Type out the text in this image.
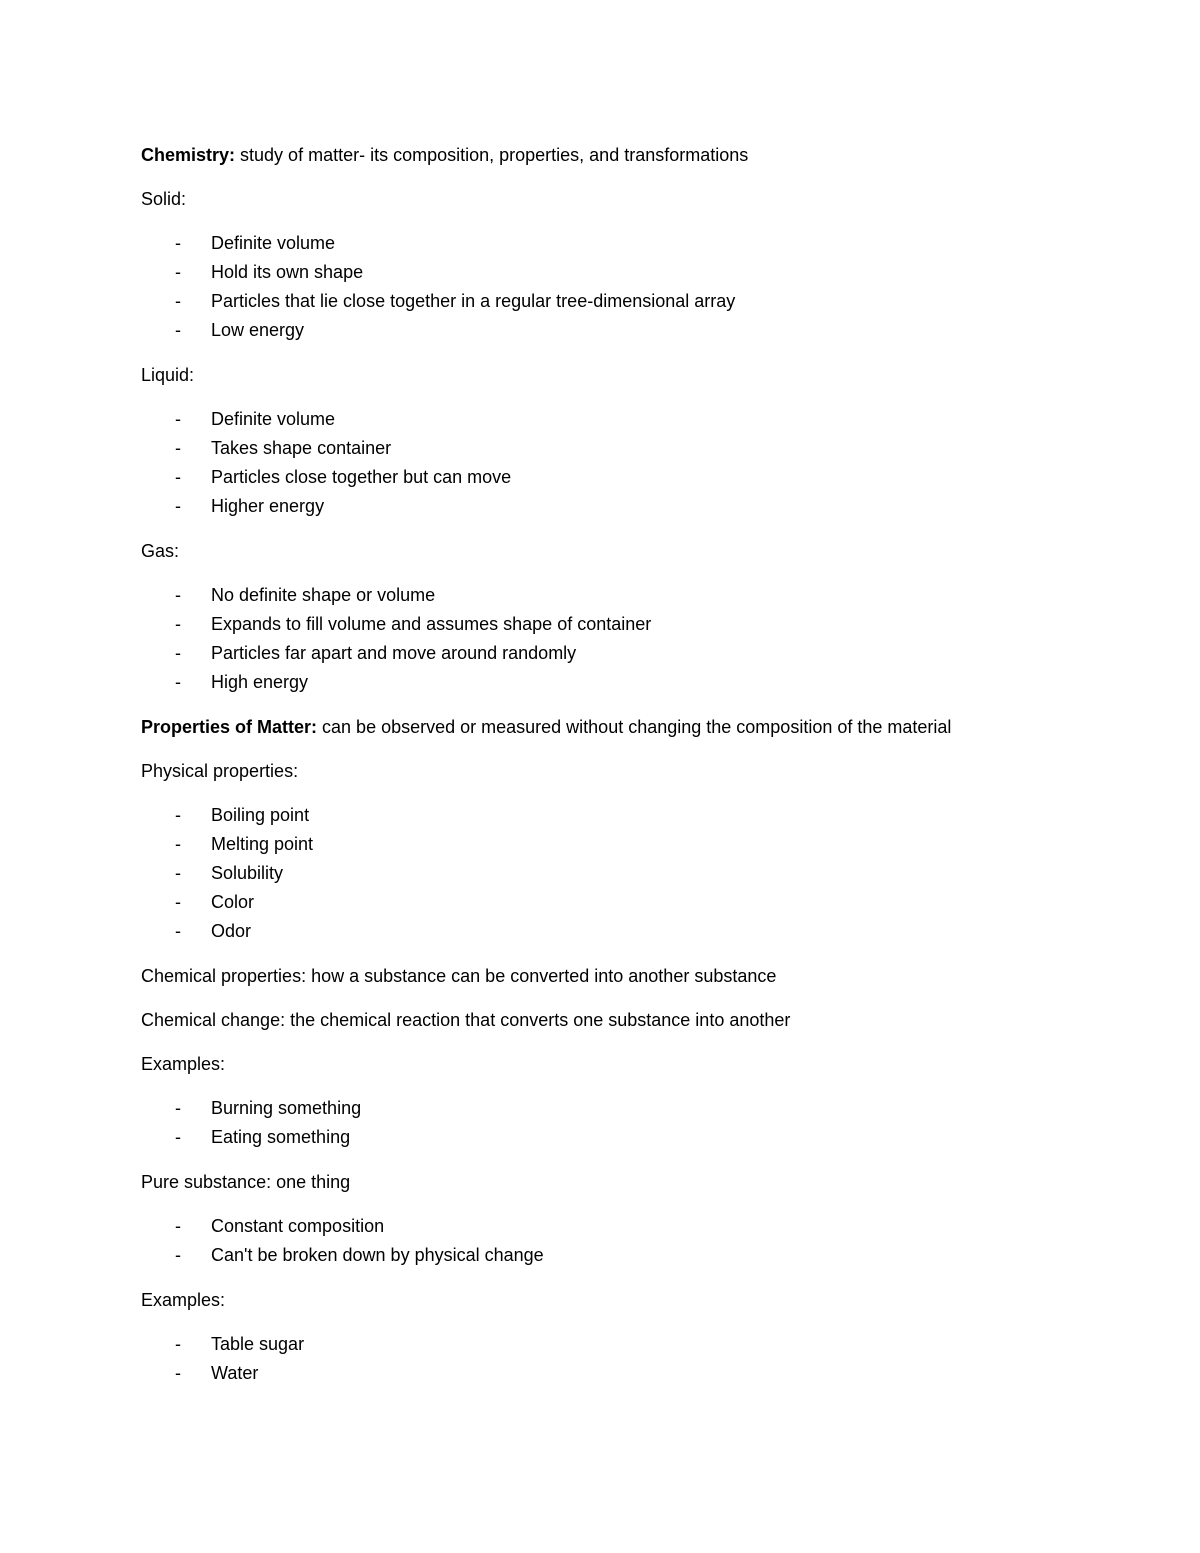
Chemistry: study of matter- its composition, properties, and transformations

Solid:

- Definite volume
- Hold its own shape
- Particles that lie close together in a regular tree-dimensional array
- Low energy

Liquid:

- Definite volume
- Takes shape container
- Particles close together but can move
- Higher energy

Gas:

- No definite shape or volume
- Expands to fill volume and assumes shape of container
- Particles far apart and move around randomly
- High energy

Properties of Matter: can be observed or measured without changing the composition of the material

Physical properties:

- Boiling point
- Melting point
- Solubility
- Color
- Odor

Chemical properties: how a substance can be converted into another substance

Chemical change: the chemical reaction that converts one substance into another

Examples:

- Burning something
- Eating something

Pure substance: one thing

- Constant composition
- Can't be broken down by physical change

Examples:

- Table sugar
- Water
